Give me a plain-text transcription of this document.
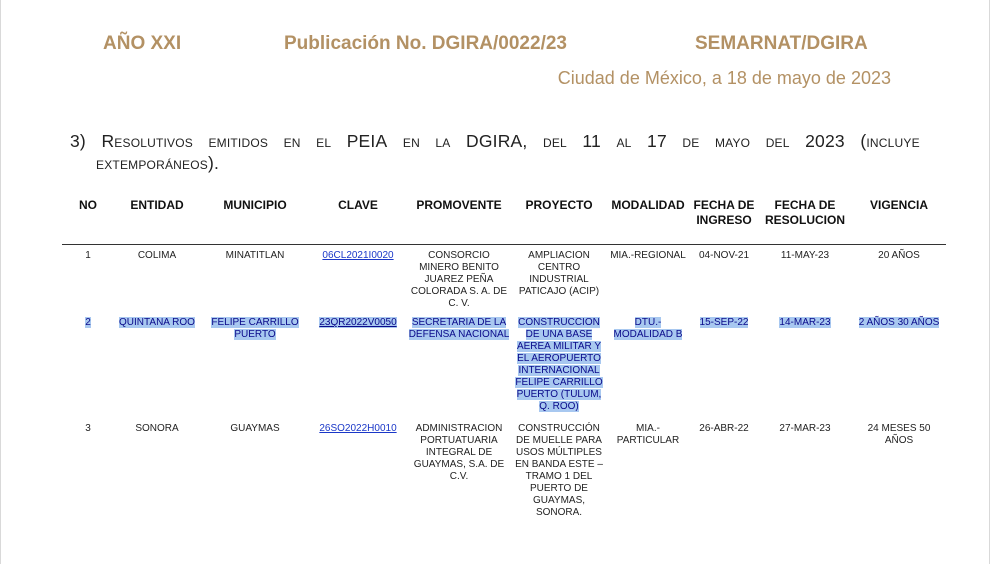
AÑO XXI	Publicación No. DGIRA/0022/23	SEMARNAT/DGIRA
Ciudad de México, a 18 de mayo de 2023
3) Resolutivos emitidos en el PEIA en la DGIRA, del 11 al 17 de mayo del 2023 (incluye
extemporáneos).
NO	ENTIDAD	MUNICIPIO	CLAVE	PROMOVENTE	PROYECTO	MODALIDAD	FECHA DE INGRESO	FECHA DE RESOLUCION	VIGENCIA
1	COLIMA	MINATITLAN	06CL2021I0020	CONSORCIO MINERO BENITO JUAREZ PEÑA COLORADA S. A. DE C. V.	AMPLIACION CENTRO INDUSTRIAL PATICAJO (ACIP)	MIA.-REGIONAL	04-NOV-21	11-MAY-23	20 AÑOS
2	QUINTANA ROO	FELIPE CARRILLO PUERTO	23QR2022V0050	SECRETARIA DE LA DEFENSA NACIONAL	CONSTRUCCION DE UNA BASE AEREA MILITAR Y EL AEROPUERTO INTERNACIONAL FELIPE CARRILLO PUERTO (TULUM, Q. ROO)	DTU.- MODALIDAD B	15-SEP-22	14-MAR-23	2 AÑOS 30 AÑOS
3	SONORA	GUAYMAS	26SO2022H0010	ADMINISTRACION PORTUATUARIA INTEGRAL DE GUAYMAS, S.A. DE C.V.	CONSTRUCCIÓN DE MUELLE PARA USOS MÚLTIPLES EN BANDA ESTE – TRAMO 1 DEL PUERTO DE GUAYMAS, SONORA.	MIA.- PARTICULAR	26-ABR-22	27-MAR-23	24 MESES 50 AÑOS
